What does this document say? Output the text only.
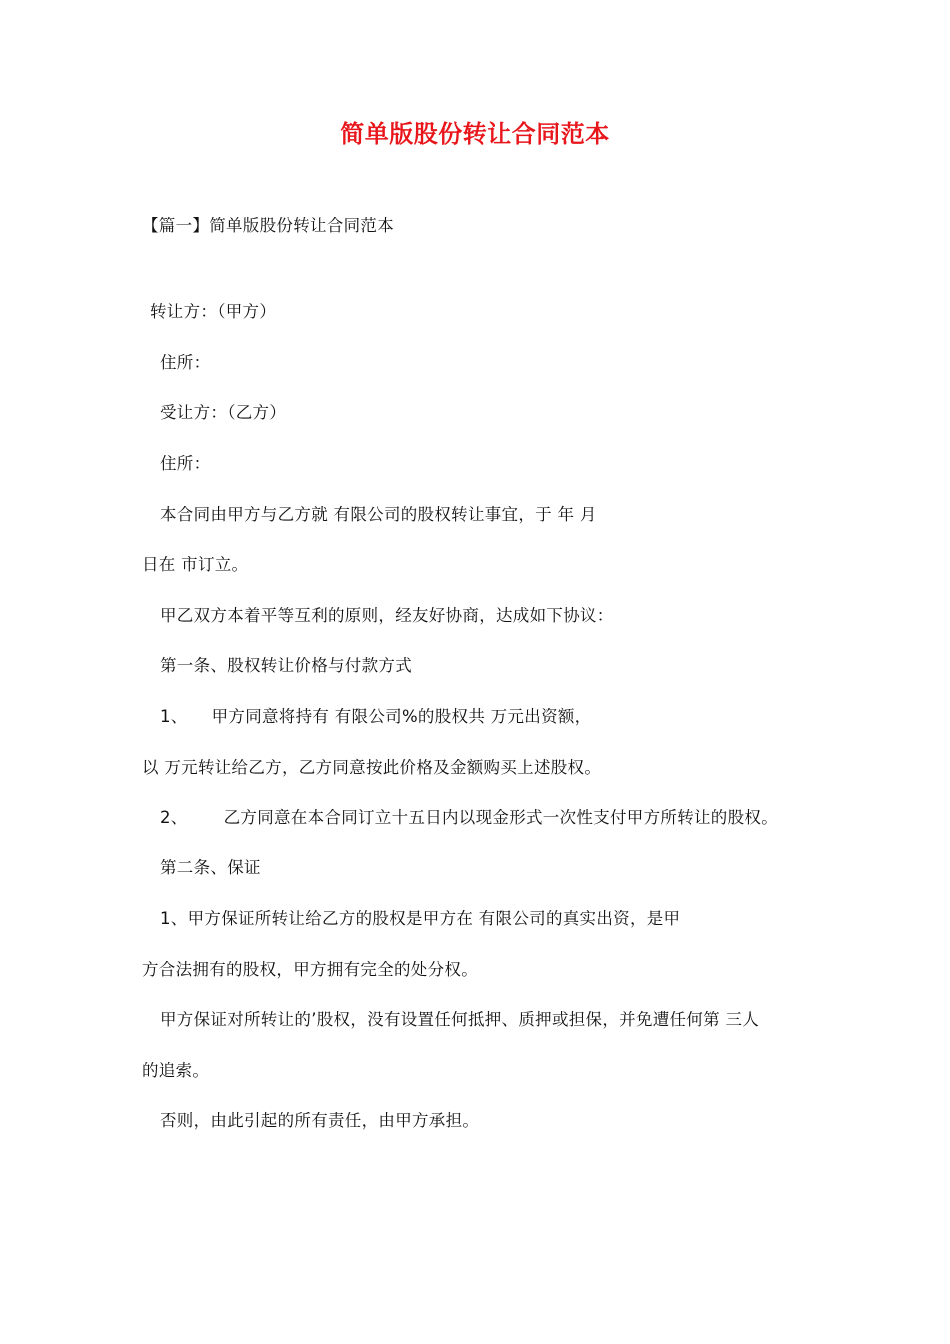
简单版股份转让合同范本
【篇一】简单版股份转让合同范本
转让方：（甲方）
住所：
受让方：（乙方）
住所：
本合同由甲方与乙方就 有限公司的股权转让事宜，于 年 月
日在 市订立。
甲乙双方本着平等互利的原则，经友好协商，达成如下协议：
第一条、股权转让价格与付款方式
1、 甲方同意将持有 有限公司%的股权共 万元出资额，
以 万元转让给乙方，乙方同意按此价格及金额购买上述股权。
2、 乙方同意在本合同订立十五日内以现金形式一次性支付甲方所转让的股权。
第二条、保证
1、甲方保证所转让给乙方的股权是甲方在 有限公司的真实出资，是甲
方合法拥有的股权，甲方拥有完全的处分权。
甲方保证对所转让的’股权，没有设置任何抵押、质押或担保，并免遭任何第 三人
的追索。
否则，由此引起的所有责任，由甲方承担。
